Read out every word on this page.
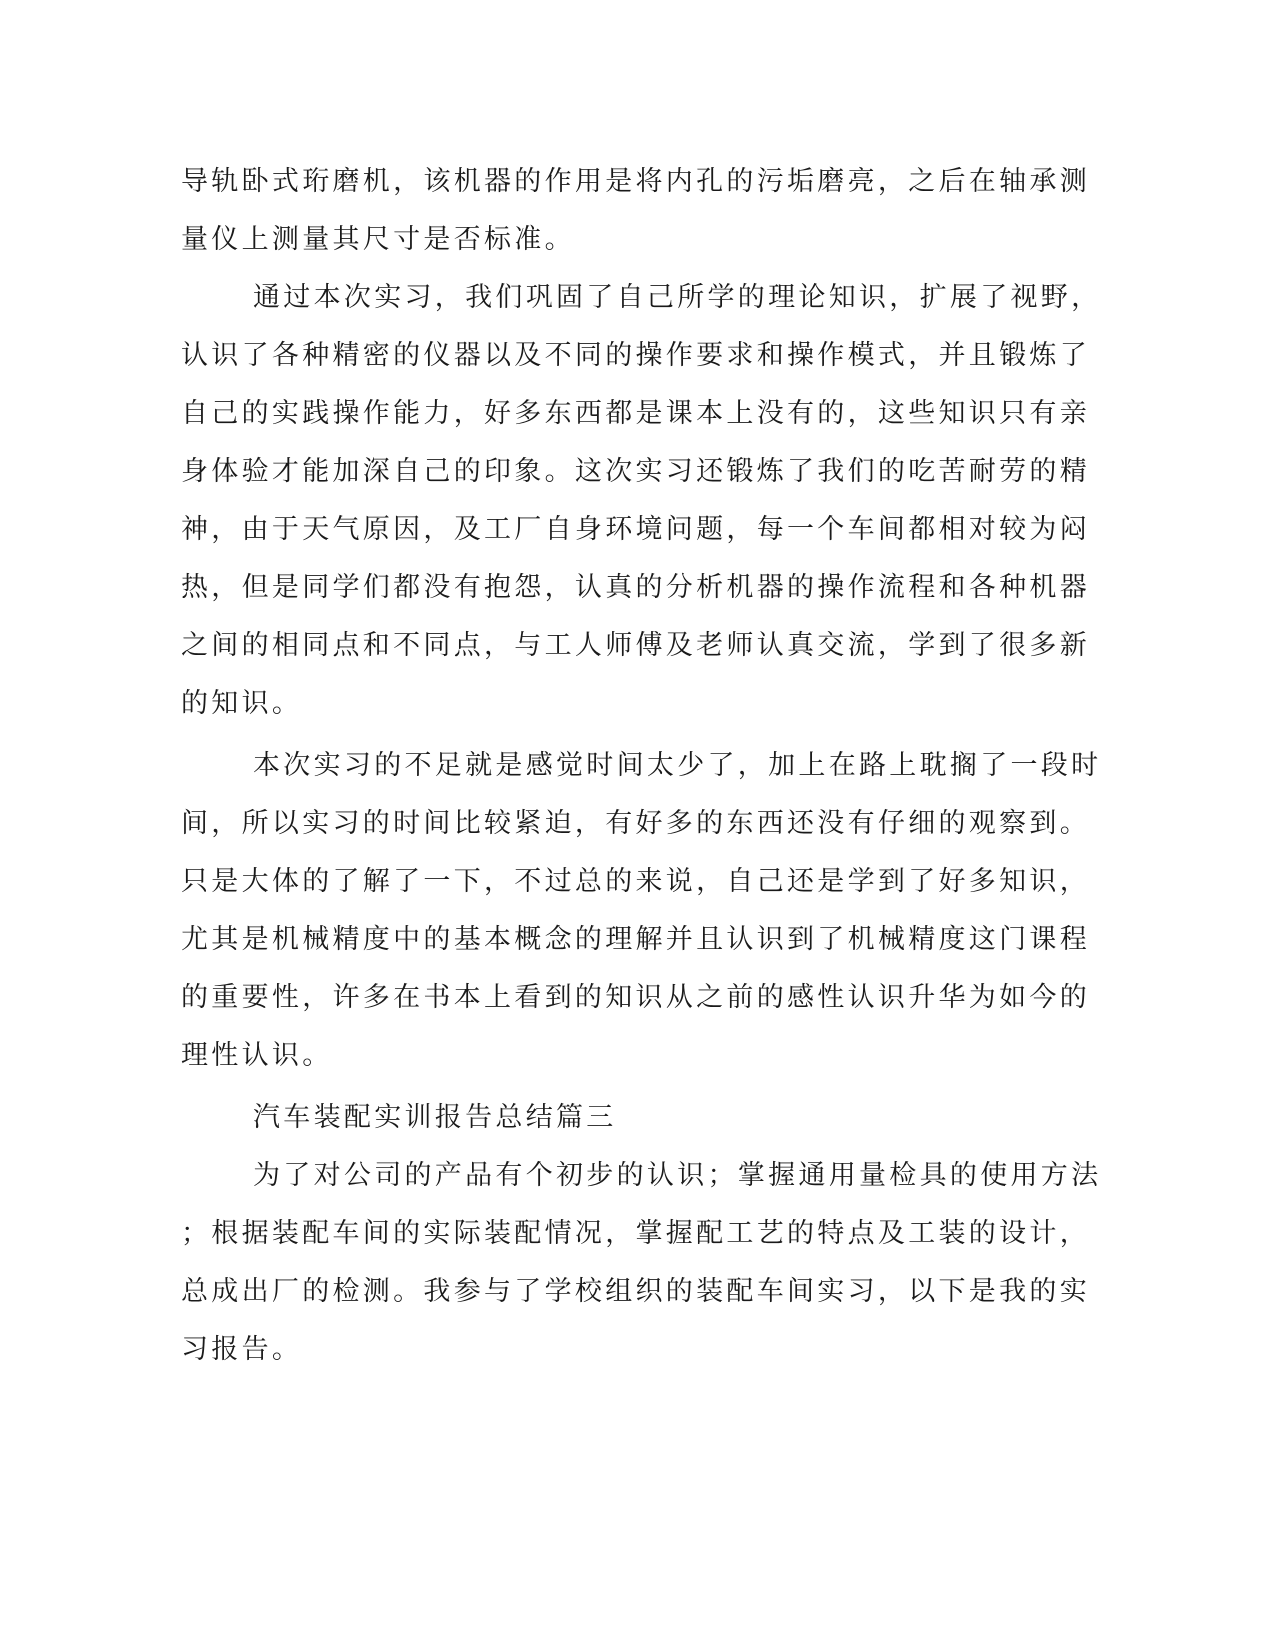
导轨卧式珩磨机，该机器的作用是将内孔的污垢磨亮，之后在轴承测
量仪上测量其尺寸是否标准。
通过本次实习，我们巩固了自己所学的理论知识，扩展了视野，
认识了各种精密的仪器以及不同的操作要求和操作模式，并且锻炼了
自己的实践操作能力，好多东西都是课本上没有的，这些知识只有亲
身体验才能加深自己的印象。这次实习还锻炼了我们的吃苦耐劳的精
神，由于天气原因，及工厂自身环境问题，每一个车间都相对较为闷
热，但是同学们都没有抱怨，认真的分析机器的操作流程和各种机器
之间的相同点和不同点，与工人师傅及老师认真交流，学到了很多新
的知识。
本次实习的不足就是感觉时间太少了，加上在路上耽搁了一段时
间，所以实习的时间比较紧迫，有好多的东西还没有仔细的观察到。
只是大体的了解了一下，不过总的来说，自己还是学到了好多知识，
尤其是机械精度中的基本概念的理解并且认识到了机械精度这门课程
的重要性，许多在书本上看到的知识从之前的感性认识升华为如今的
理性认识。
汽车装配实训报告总结篇三
为了对公司的产品有个初步的认识；掌握通用量检具的使用方法
；根据装配车间的实际装配情况，掌握配工艺的特点及工装的设计，
总成出厂的检测。我参与了学校组织的装配车间实习，以下是我的实
习报告。
